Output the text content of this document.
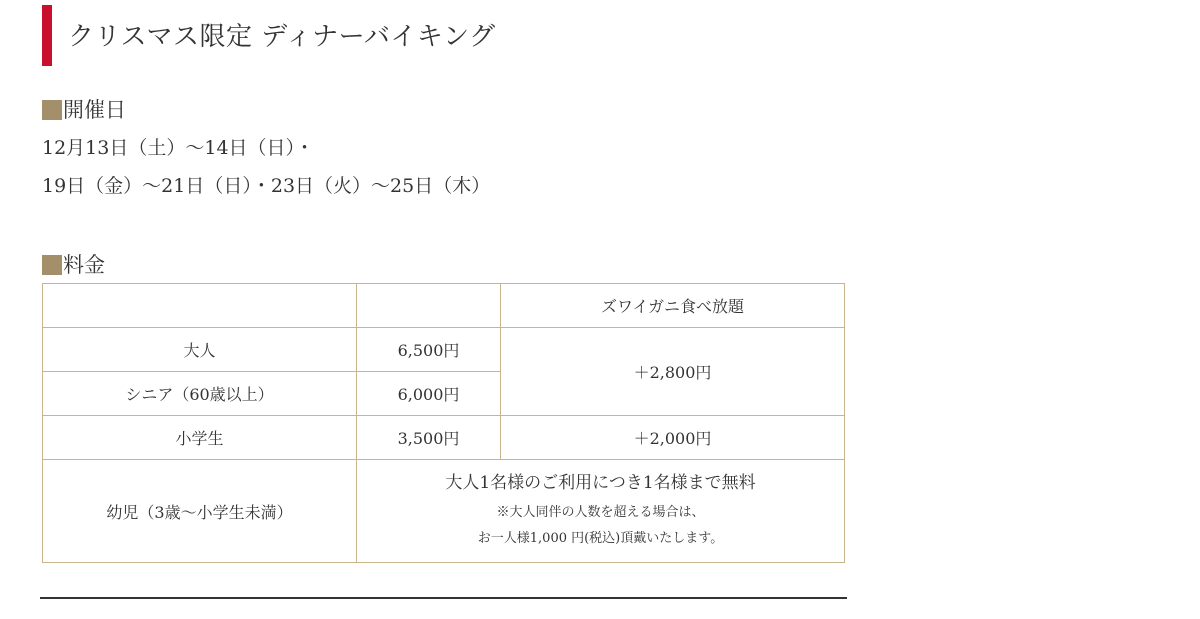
クリスマス限定 ディナーバイキング
開催日
12月13日（土）～14日（日）・
19日（金）～21日（日）・23日（火）～25日（木）
料金
		ズワイガニ食べ放題
大人	6,500円	＋2,800円
シニア（60歳以上）	6,000円	
小学生	3,500円	＋2,000円
幼児（3歳～小学生未満）	大人1名様のご利用につき1名様まで無料
※大人同伴の人数を超える場合は、
お一人様1,000 円(税込)頂戴いたします。	
